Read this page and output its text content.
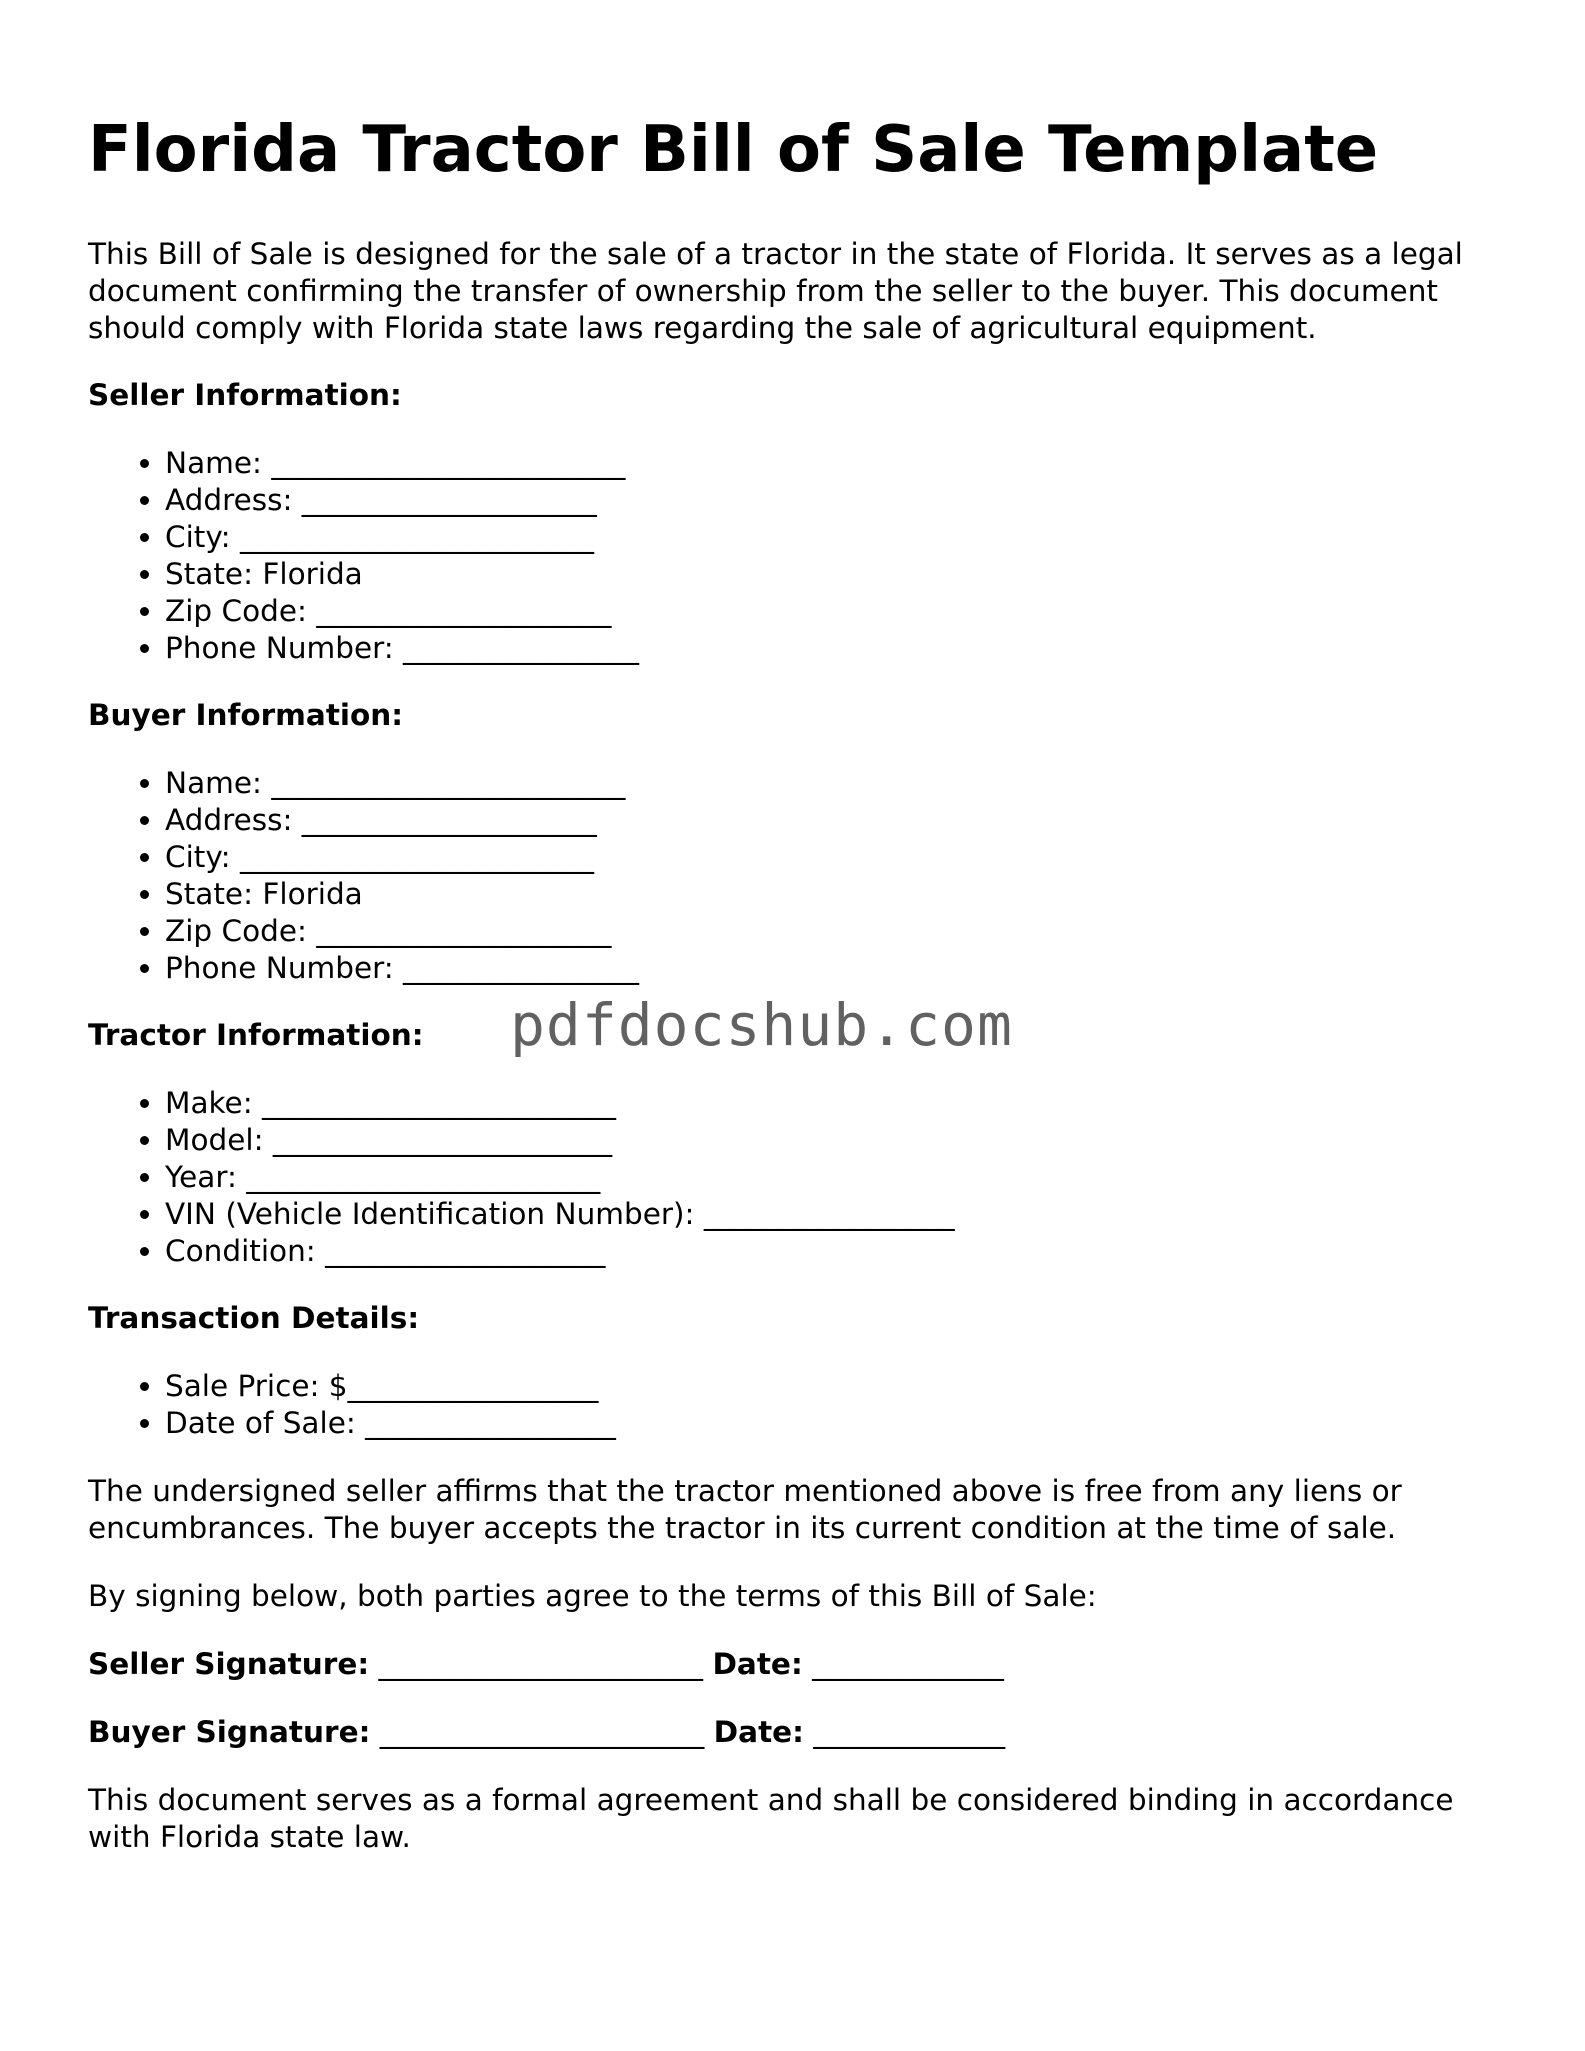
Florida Tractor Bill of Sale Template

This Bill of Sale is designed for the sale of a tractor in the state of Florida. It serves as a legal document confirming the transfer of ownership from the seller to the buyer. This document should comply with Florida state laws regarding the sale of agricultural equipment.

Seller Information:
• Name: ________________________
• Address: ____________________
• City: ________________________
• State: Florida
• Zip Code: ____________________
• Phone Number: ________________
Buyer Information:
• Name: ________________________
• Address: ____________________
• City: ________________________
• State: Florida
• Zip Code: ____________________
• Phone Number: ________________
Tractor Information:
• Make: ________________________
• Model: _______________________
• Year: ________________________
• VIN (Vehicle Identification Number): _________________
• Condition: ___________________
Transaction Details:
• Sale Price: $_________________
• Date of Sale: _________________

The undersigned seller affirms that the tractor mentioned above is free from any liens or encumbrances. The buyer accepts the tractor in its current condition at the time of sale.

By signing below, both parties agree to the terms of this Bill of Sale:

Seller Signature: ______________________ Date: _____________
Buyer Signature: ______________________ Date: _____________

This document serves as a formal agreement and shall be considered binding in accordance with Florida state law.

pdfdocshub.com
